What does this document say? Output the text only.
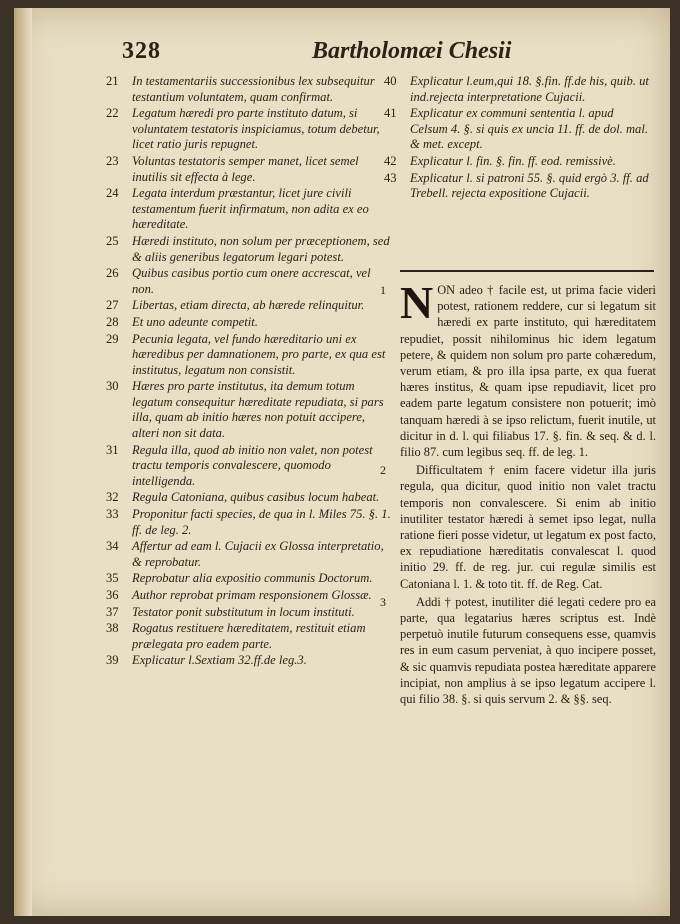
328	Bartholomæi Chesii
21 In testamentariis successionibus lex subsequitur testantium voluntatem, quam confirmat.
22 Legatum hæredi pro parte instituto datum, si voluntatem testatoris inspiciamus, totum debetur, licet ratio juris repugnet.
23 Voluntas testatoris semper manet, licet semel inutilis sit effecta à lege.
24 Legata interdum præstantur, licet jure civili testamentum fuerit infirmatum, non adita ex eo hæreditate.
25 Hæredi instituto, non solum per præceptionem, sed & aliis generibus legatorum legari potest.
26 Quibus casibus portio cum onere accrescat, vel non.
27 Libertas, etiam directa, ab hærede relinquitur.
28 Et uno adeunte competit.
29 Pecunia legata, vel fundo hæreditario uni ex hæredibus per damnationem, pro parte, ex qua est institutus, legatum non consistit.
30 Hæres pro parte institutus, ita demum totum legatum consequitur hæreditate repudiata, si pars illa, quam ab initio hæres non potuit accipere, alteri non sit data.
31 Regula illa, quod ab initio non valet, non potest tractu temporis convalescere, quomodo intelligenda.
32 Regula Catoniana, quibus casibus locum habeat.
33 Proponitur facti species, de qua in l. Miles 75. §. 1. ff. de leg. 2.
34 Affertur ad eam l. Cujacii ex Glossa interpretatio, & reprobatur.
35 Reprobatur alia expositio communis Doctorum.
36 Author reprobat primam responsionem Glossæ.
37 Testator ponit substitutum in locum instituti.
38 Rogatus restituere hæreditatem, restituit etiam prælegata pro eadem parte.
39 Explicatur l.Sextiam 32.ff.de leg.3.
40 Explicatur l.eum,qui 18. §.fin. ff.de his, quib. ut ind.rejecta interpretatione Cujacii.
41 Explicatur ex communi sententia l. apud Celsum 4. §. si quis ex uncia 11. ff. de dol. mal. & met. except.
42 Explicatur l. fin. §. fin. ff. eod. remissivè.
43 Explicatur l. si patroni 55. §. quid ergò 3. ff. ad Trebell. rejecta expositione Cujacii.
1 N ON adeo † facile est, ut prima facie videri potest, rationem reddere, cur si legatum sit hæredi ex parte instituto, qui hæreditatem repudiet, possit nihilominus hic idem legatum petere, & quidem non solum pro parte cohæredum, verum etiam, & pro illa ipsa parte, ex qua fuerat hæres institus, & quam ipse repudiavit, licet pro eadem parte legatum consistere non potuerit; imò tanquam hæredi à se ipso relictum, fuerit inutile, ut dicitur in d. l. qui filiabus 17. §. fin. & seq. & d. l. filio 87. cum legibus seq. ff. de leg. 1.
2 Difficultatem † enim facere videtur illa juris regula, qua dicitur, quod initio non valet tractu temporis non convalescere. Si enim ab initio inutiliter testator hæredi à semet ipso legat, nulla ratione fieri posse videtur, ut legatum ex post facto, ex repudiatione hæreditatis convalescat l. quod initio 29. ff. de reg. jur. cui regulæ similis est Catoniana l. 1. & toto tit. ff. de Reg. Cat.
3 Addi † potest, inutiliter dié legati cedere pro ea parte, qua legatarius hæres scriptus est. Indè perpetuò inutile futurum consequens esse, quamvis res in eum casum perveniat, à quo incipere posset, & sic quamvis repudiata postea hæreditate apparere incipiat, non amplius à se ipso legatum accipere l. qui filio 38. §. si quis servum 2. & §§. seq.
